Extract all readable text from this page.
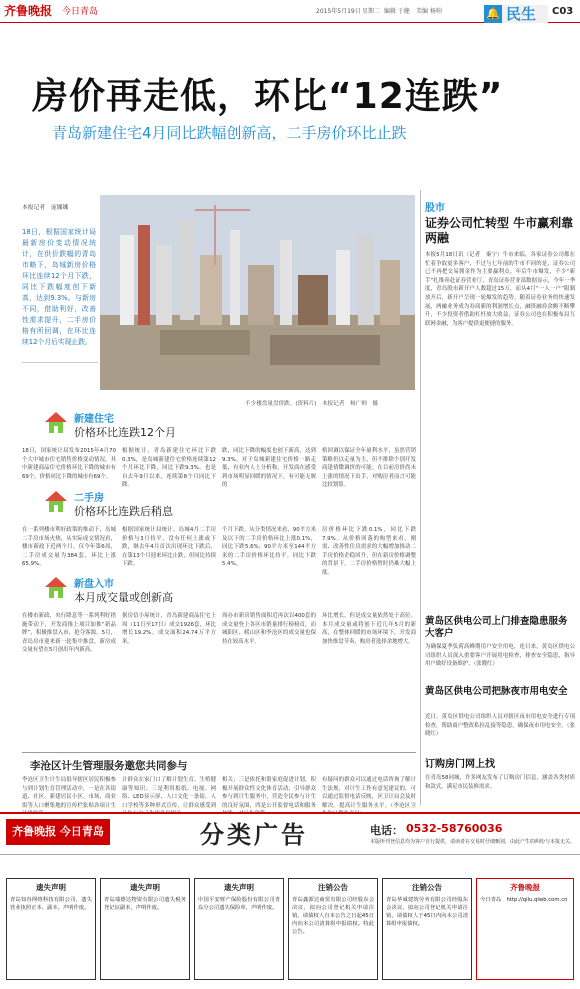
齐鲁晚报 今日青岛	2015年5月19日 星期二 编辑 于健 美编 杨帅	🔔 民生 C03
房价再走低，环比“12连跌”
青岛新建住宅4月同比跌幅创新高，二手房价环比止跌
本报记者　庞娜娜
18日，根据国家统计局最新房价变动情况统计，在供价跌幅的青岛市略下，岛城新房价格环比连续12个月下跌，同比下跌幅度创下新高，达到9.3%。与新房不同，借助利好，改善性需求提升，二手房价格有所回调，在环比连续12个月后实现止跌。
不少楼盘量盘价跌。(资料片)　本报记者　杨广帅　摄
新建住宅
价格环比连跌12个月
18日，国家统计局发布2015年4月70个大中城市住宅销售价格变动情况，其中新建商品住宅价格环比下降的城市有69个，价格同比下降的城市有69个。
根据统计，青岛新建住宅环比下跌0.3%，是岛城新建住宅价格连续第12个月环比下降，同比下跌9.3%，也是自去年9月以来，连续第8个月同比下降。
跌，同比下降的幅度也创下新高，达到9.3%。对于岛城新建住宅价格一路走低，有业内人士分析称，开发商在感受到市场明显回暖的情况下，有可能无堰的
格回调以保证全年量利水平，虽然营销策略仍以走量为主，但不排除个别开发商逢情微调价的可能。在目前房价尚未上涨的情况下出手，对购房者而言可能比较划算。
二手房
价格环比连跌后稍息
在一系列楼市利好政策的推动下，岛城二手房市场火热，从实际成交情况看，楼市新政下近两个月，仅今年第6周，二手房成交量为384套，环比上涨65.9%。
根据国家统计局统计，岛城4月二手房价格与3月持平，没有任何上涨或下跌，继去年4月首次出现环比下跌后，在第13个月迎来环比止跌，但同比持续下跌。
个月下跌。从分类情况来看，90平方米及以下的二手房价格环比上涨0.1%，同比下跌5.6%；90平方米至144平方米的二手房价格环比持平，同比下跌5.4%。
房价格环比下跌0.1%，同比下跌7.9%。从价格回落的构型来看，刚需、改善性住房需求的大幅增加推动二手房价格企稳回升，但在新房价格调整的背景下，二手房价格暂时仍难大幅上涨。
新盘入市
本月成交量或创新高
在楼市新政、央行降息等一系列利好措施带动下，开发商推上项目加推“新品牌”，积极推盘入市，抢夺客源。5月，青岛房市迎来新一轮集中推盘，新房成交量有望在5月创出年内新高。
据房信小屋统计，青岛新建商品住宅上周（11日至17日）成交1926套，环比增长19.2%，成交面积24.74万平方米。
周办市新房销售面积近再次以400套的成交量登上各区市销量排行榜榜首，而城阳区、崂山区和李沧区的成交量也保持在较高水平。
环比增长，但是成交量依然处于高位。本月成交量或将创下近几年5月的新高，在整体回暖的市场环境下，开发商加快推盘节奏，购房者选择余地增大。
李沧区计生管理服务邀您共同参与
李沧区卫生计生局倡导辖区居民积极参与到计划生育管理活动中，一是在各街道、社区，新建居民小区、市场，商业街等人口聚集地的宣传栏张贴各项计生
计群众在家门口了解计划生育、生殖健康等知识；三是利用报纸、电视、网络、LED显示屏、人口文化一条街、人口学校等多种形式宣传，让群众感受到
相关；三是依托和谐家庭促进计划，积极开展群众性文化体育活动，引导群众参与到计生服务中，营造全民参与计生的良好氛围，四是公开监督电话和服务
有疑问的群众可以通过电话咨询了解计生法规，对计生工作有意见建议的，可以通过监督电话反映，区卫计局会及时解决。提高计生服务水平。（李沧区卫
股市
证券公司忙转型 牛市赢利靠两融
本报5月18日讯（记者　秦宁）牛市来临，各家证券公司都在忙着争取更多客户，不过与七年前的牛市不同的是，证券公司已不再把交易佣金作为主要赢利点。年后牛市爆发，不少“新手”扎堆奔赴证券营业厅，青岛证券营业部数据显示，今年一季度，青岛股市新开户人数超过15万，而从4月“一人一户”限制放开后，新开户呈现一轮爆发的趋势。随着证券业务的快速发展，两融业务成为券商新的利润增长点，融资融券余额不断攀升，不少投资者借助杠杆放大收益，证券公司也在积极布局互联网金融，为客户提供更便捷的服务。
黄岛区供电公司上门排查隐患服务大客户
为确保夏季负荷高峰期用户安全用电，连日来，黄岛区供电公司组织人员深入重要客户开展用电检查，排查安全隐患，指导用户做好设备维护。（张晓红）
黄岛区供电公司把脉夜市用电安全
近日，黄岛区供电公司组织人员对辖区夜市用电安全进行专项检查，帮助商户整改私拉乱接等隐患，确保夜市用电安全。（张晓红）
订购房门网上找
在青岛58同城，许多网友发布了订购房门信息，涵盖各类材质和款式，满足市民装修需求。
齐鲁晚报 今日青岛	分类广告	电话： 0532-58760036
本版所刊登信息均为客户自行提供，请读者在交易时仔细甄别，由此产生的纠纷与本报无关。
遗失声明
青岛知谷网络科技有限公司，遗失营业执照正本、副本，声明作废。
遗失声明
青岛瑞德达物资有限公司遗失税务登记证副本，声明作废。
遗失声明
中国平安财产保险股份有限公司青岛分公司遗失保险单，声明作废。
注销公告
青岛鑫源达商贸有限公司经股东会决议，拟向公司登记机关申请注销，请债权人自本公告之日起45日内向本公司清算组申报债权。特此公告。
注销公告
青岛华诚建筑劳务有限公司经股东会决议，拟向公司登记机关申请注销，请债权人于45日内向本公司清算组申报债权。
齐鲁晚报
今日青岛　http://qilu.qlwb.com.cn
